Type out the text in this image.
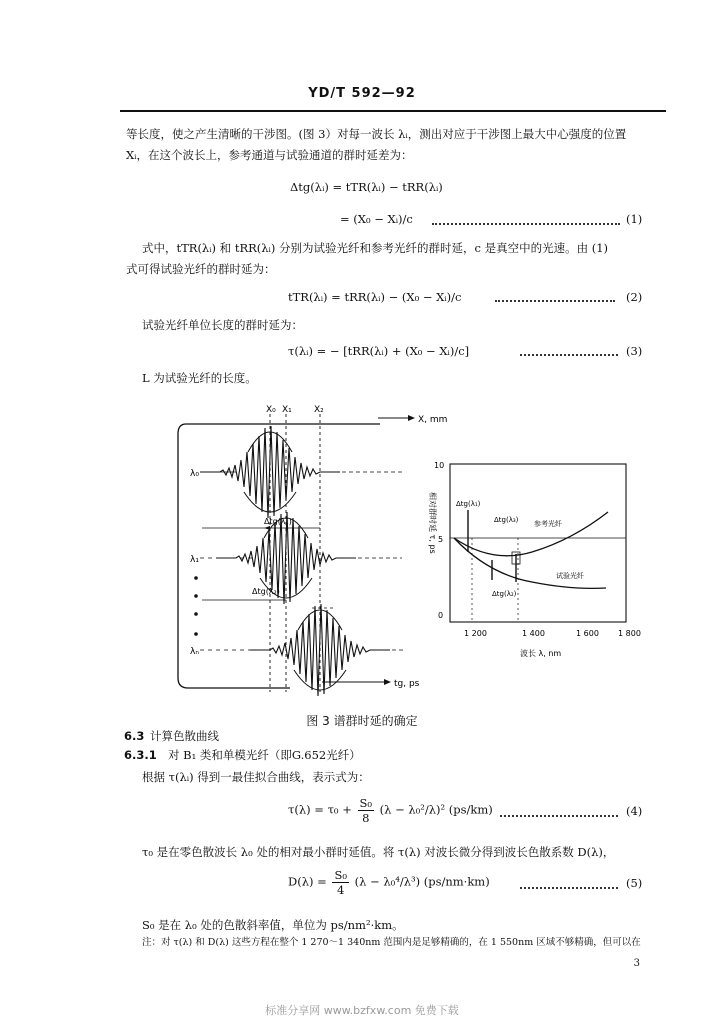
YD/T 592—92
等长度，使之产生清晰的干涉图。(图 3）对每一波长 λᵢ，测出对应于干涉图上最大中心强度的位置
Xᵢ，在这个波长上，参考通道与试验通道的群时延差为：
Δtg(λᵢ) = tTR(λᵢ) − tRR(λᵢ)
= (X₀ − Xᵢ)/c	(1)
式中，tTR(λᵢ) 和 tRR(λᵢ) 分别为试验光纤和参考光纤的群时延，c 是真空中的光速。由 (1)
式可得试验光纤的群时延为：
tTR(λᵢ) = tRR(λᵢ) − (X₀ − Xᵢ)/c	(2)
试验光纤单位长度的群时延为：
τ(λᵢ) = − [tRR(λᵢ) + (X₀ − Xᵢ)/c]	(3)
L 为试验光纤的长度。
X, mm
X₀ X₁ X₂
λ₀
Δtg(λ₁)
λ₁
Δtg(λ₂)
λₙ
tg, ps
10
5
0
相对群时延 τ, ps
1 200	1 400	1 600 1 800
波长 λ, nm
Δtg(λ₁)
Δtg(λ₂)
Δtg(λ₃) 参考光纤
试验光纤
图 3 谱群时延的确定
6.3 计算色散曲线
6.3.1 对 B₁ 类和单模光纤（即G.652光纤）
根据 τ(λᵢ) 得到一最佳拟合曲线，表示式为：
$\tau(\lambda) = \tau_0 + \frac{\text{S₀}}{8} (\lambda - \lambda_0^2/\lambda)^2$ (ps/km)	(4)
τ₀ 是在零色散波长 λ₀ 处的相对最小群时延值。将 τ(λ) 对波长微分得到波长色散系数 D(λ)，
$D(\lambda) = \frac{\text{S₀}}{4} (\lambda - \lambda_0^4/\lambda^3)$ (ps/nm·km)	(5)
S₀ 是在 λ₀ 处的色散斜率值，单位为 ps/nm²·km。
注：对 τ(λ) 和 D(λ) 这些方程在整个 1 270～1 340nm 范围内是足够精确的，在 1 550nm 区域不够精确，但可以在
3
标准分享网 www.bzfxw.com 免费下载
